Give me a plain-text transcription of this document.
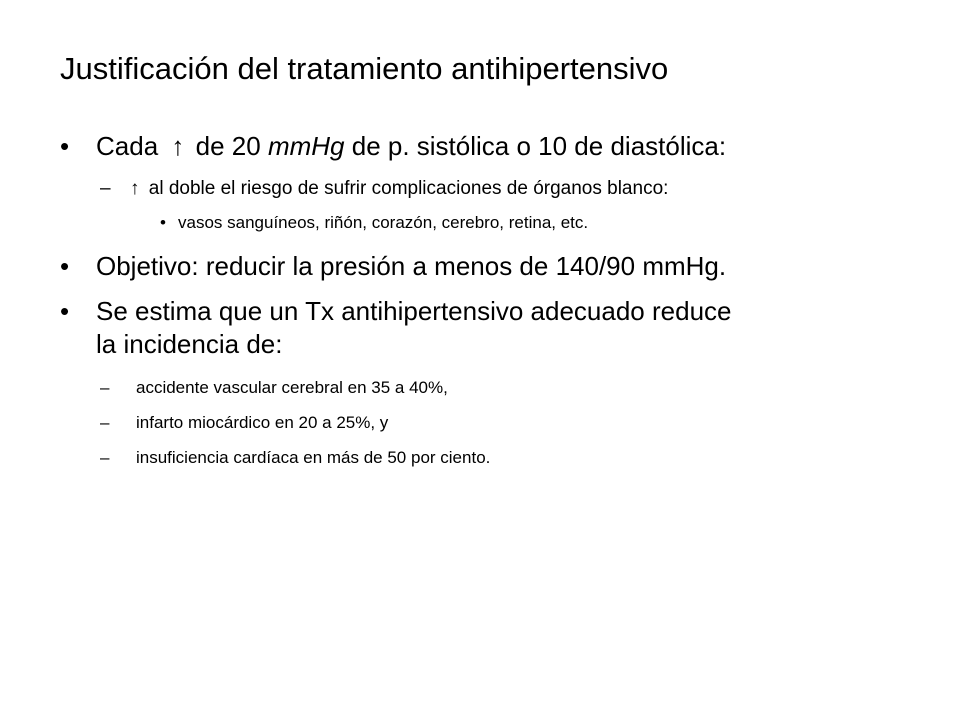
Justificación del tratamiento antihipertensivo
•	Cada ↑ de 20 mmHg de p. sistólica o 10 de diastólica:
–	↑ al doble el riesgo de sufrir complicaciones de órganos blanco:
• vasos sanguíneos, riñón, corazón, cerebro, retina, etc.
•	Objetivo: reducir la presión a menos de 140/90 mmHg.
•	Se estima que un Tx antihipertensivo adecuado reduce
la incidencia de:
–	accidente vascular cerebral en 35 a 40%,
–	infarto miocárdico en 20 a 25%, y
–	insuficiencia cardíaca en más de 50 por ciento.
